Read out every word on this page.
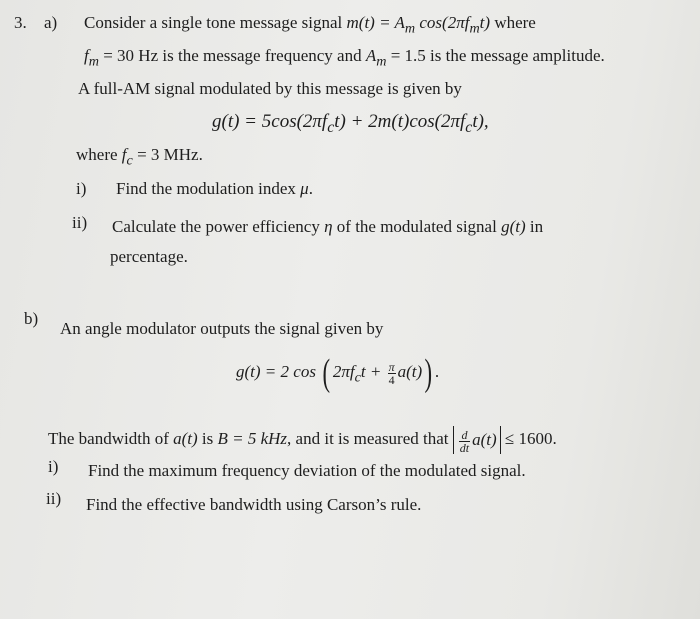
3. a) Consider a single tone message signal $m(t) = A_m$ $\cos(2\pi f_mt)$ where
$f_m = 30$ Hz is the message frequency and $A_m = 1.5$ is the message amplitude.
A full-AM signal modulated by this message is given by
$g(t) = 5\cos(2\pi f_ct) + 2m(t)\cos(2\pi f_ct)$,
where $f_c = 3$ MHz.
i) Find the modulation index μ.
ii) Calculate the power efficiency η of the modulated signal g(t) in
percentage.
b)
An angle modulator outputs the signal given by
g(t) = 2 cos ( $2\pi f_ct + \frac{\pi}{4} a(t)$) .
The bandwidth of a(t) is B = 5 kHz, and it is measured that $\frac{d}{dt} a(t) \le 1600$.
i) Find the maximum frequency deviation of the modulated signal.
ii) Find the effective bandwidth using Carson’s rule.
